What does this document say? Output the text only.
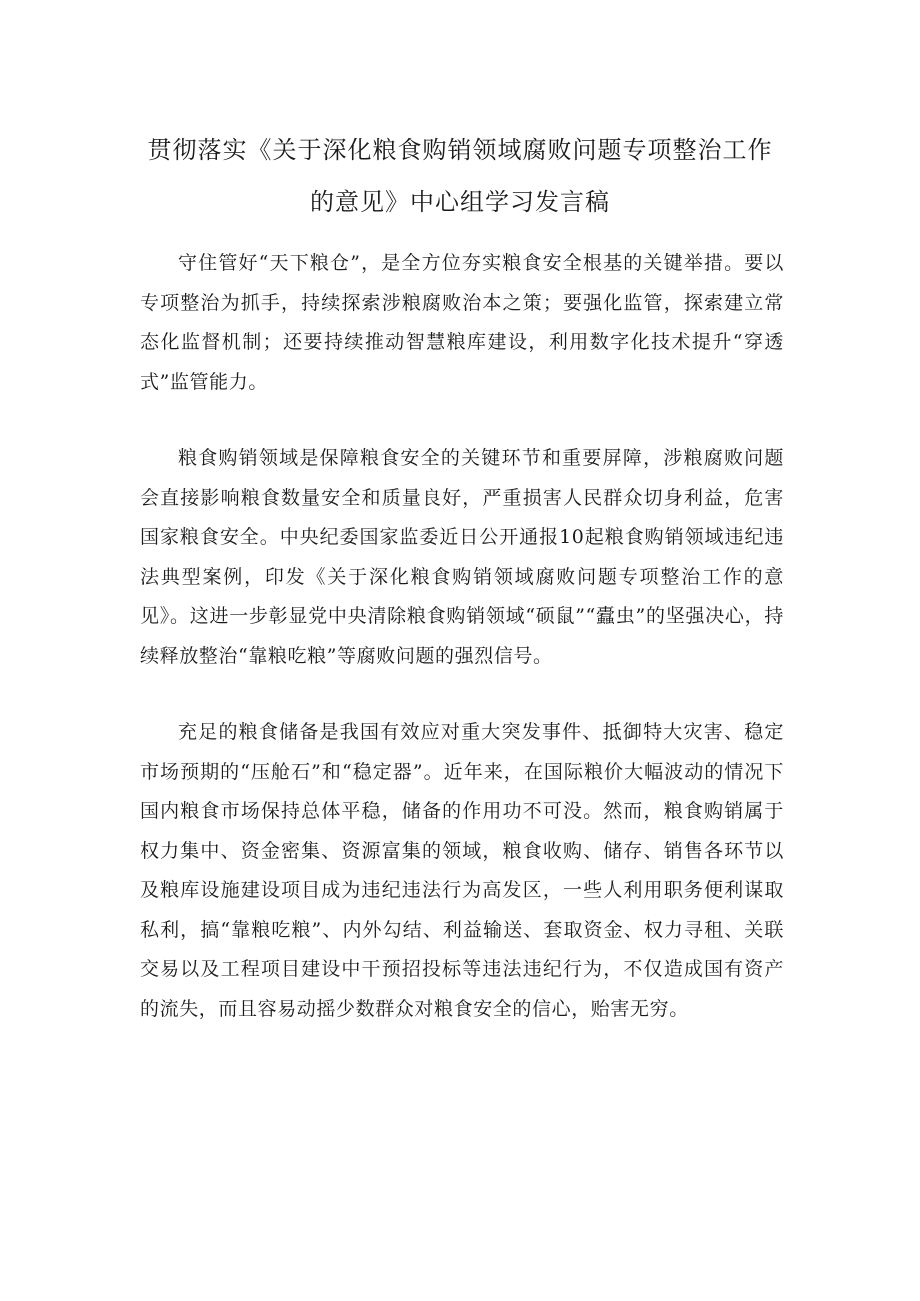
贯彻落实《关于深化粮食购销领域腐败问题专项整治工作
的意见》中心组学习发言稿

守住管好“天下粮仓”，是全方位夯实粮食安全根基的关键举措。要以专项整治为抓手，持续探索涉粮腐败治本之策；要强化监管，探索建立常态化监督机制；还要持续推动智慧粮库建设，利用数字化技术提升“穿透式”监管能力。

粮食购销领域是保障粮食安全的关键环节和重要屏障，涉粮腐败问题会直接影响粮食数量安全和质量良好，严重损害人民群众切身利益，危害国家粮食安全。中央纪委国家监委近日公开通报10起粮食购销领域违纪违法典型案例，印发《关于深化粮食购销领域腐败问题专项整治工作的意见》。这进一步彰显党中央清除粮食购销领域“硕鼠”“蠹虫”的坚强决心，持续释放整治“靠粮吃粮”等腐败问题的强烈信号。

充足的粮食储备是我国有效应对重大突发事件、抵御特大灾害、稳定市场预期的“压舱石”和“稳定器”。近年来，在国际粮价大幅波动的情况下国内粮食市场保持总体平稳，储备的作用功不可没。然而，粮食购销属于权力集中、资金密集、资源富集的领域，粮食收购、储存、销售各环节以及粮库设施建设项目成为违纪违法行为高发区，一些人利用职务便利谋取私利，搞“靠粮吃粮”、内外勾结、利益输送、套取资金、权力寻租、关联交易以及工程项目建设中干预招投标等违法违纪行为，不仅造成国有资产的流失，而且容易动摇少数群众对粮食安全的信心，贻害无穷。
